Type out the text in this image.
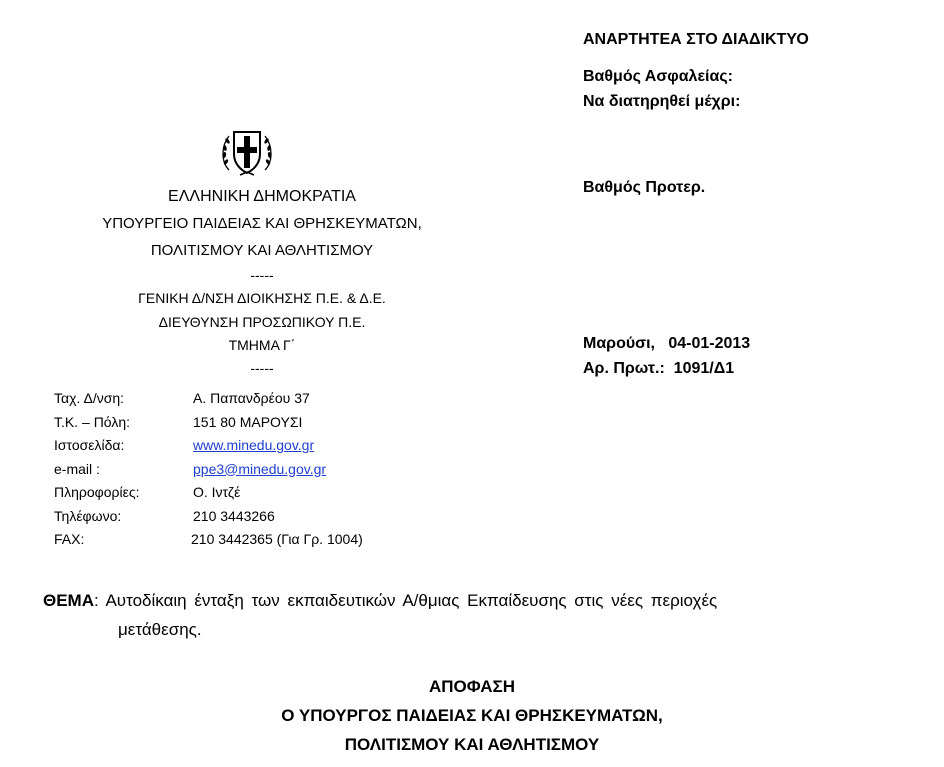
ΑΝΑΡΤΗΤΕΑ ΣΤΟ ΔΙΑΔΙΚΤΥΟ
Βαθμός Ασφαλείας:
Να διατηρηθεί μέχρι:
Βαθμός Προτερ.
Μαρούσι, 04-01-2013
Αρ. Πρωτ.: 1091/Δ1
ΕΛΛΗΝΙΚΗ ΔΗΜΟΚΡΑΤΙΑ
ΥΠΟΥΡΓΕΙΟ ΠΑΙΔΕΙΑΣ ΚΑΙ ΘΡΗΣΚΕΥΜΑΤΩΝ,
ΠΟΛΙΤΙΣΜΟΥ ΚΑΙ ΑΘΛΗΤΙΣΜΟΥ
-----
ΓΕΝΙΚΗ Δ/ΝΣΗ ΔΙΟΙΚΗΣΗΣ Π.Ε. & Δ.Ε.
ΔΙΕΥΘΥΝΣΗ ΠΡΟΣΩΠΙΚΟΥ Π.Ε.
ΤΜΗΜΑ Γ΄
-----
Ταχ. Δ/νση:	Α. Παπανδρέου 37
Τ.Κ. – Πόλη:	151 80 ΜΑΡΟΥΣΙ
Ιστοσελίδα:	www.minedu.gov.gr
e-mail :	ppe3@minedu.gov.gr
Πληροφορίες:	Ο. Ιντζέ
Τηλέφωνο:	210 3443266
FAX:	210 3442365 (Για Γρ. 1004)
ΘΕΜΑ: Αυτοδίκαιη ένταξη των εκπαιδευτικών Α/θμιας Εκπαίδευσης στις νέες περιοχές
μετάθεσης.
ΑΠΟΦΑΣΗ
Ο ΥΠΟΥΡΓΟΣ ΠΑΙΔΕΙΑΣ ΚΑΙ ΘΡΗΣΚΕΥΜΑΤΩΝ,
ΠΟΛΙΤΙΣΜΟΥ ΚΑΙ ΑΘΛΗΤΙΣΜΟΥ
